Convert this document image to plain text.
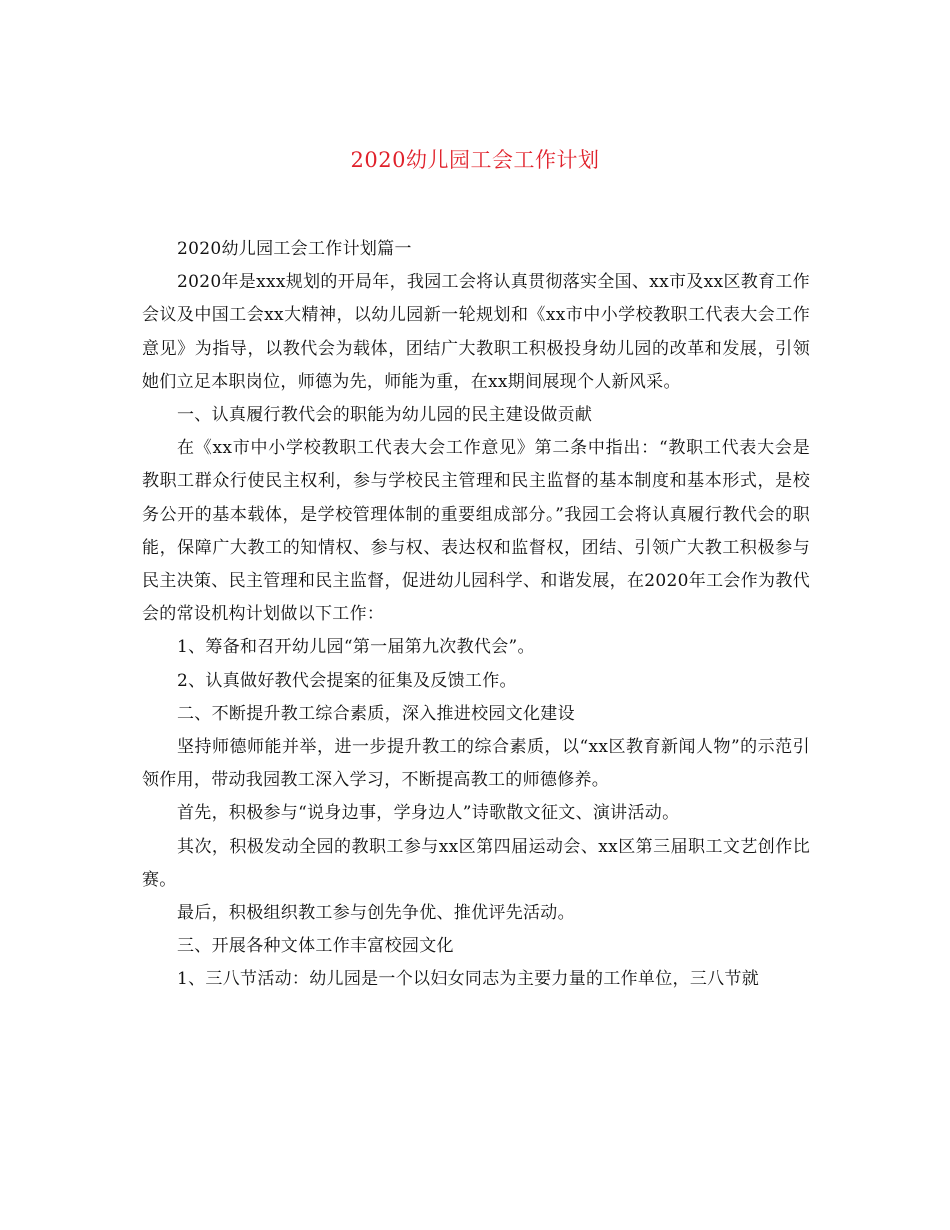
2020幼儿园工会工作计划

2020幼儿园工会工作计划篇一

2020年是xxx规划的开局年，我园工会将认真贯彻落实全国、xx市及xx区教育工作会议及中国工会xx大精神，以幼儿园新一轮规划和《xx市中小学校教职工代表大会工作意见》为指导，以教代会为载体，团结广大教职工积极投身幼儿园的改革和发展，引领她们立足本职岗位，师德为先，师能为重，在xx期间展现个人新风采。

一、认真履行教代会的职能为幼儿园的民主建设做贡献

在《xx市中小学校教职工代表大会工作意见》第二条中指出：“教职工代表大会是教职工群众行使民主权利，参与学校民主管理和民主监督的基本制度和基本形式，是校务公开的基本载体，是学校管理体制的重要组成部分。”我园工会将认真履行教代会的职能，保障广大教工的知情权、参与权、表达权和监督权，团结、引领广大教工积极参与民主决策、民主管理和民主监督，促进幼儿园科学、和谐发展，在2020年工会作为教代会的常设机构计划做以下工作：

1、筹备和召开幼儿园“第一届第九次教代会”。

2、认真做好教代会提案的征集及反馈工作。

二、不断提升教工综合素质，深入推进校园文化建设

坚持师德师能并举，进一步提升教工的综合素质，以“xx区教育新闻人物”的示范引领作用，带动我园教工深入学习，不断提高教工的师德修养。

首先，积极参与“说身边事，学身边人”诗歌散文征文、演讲活动。

其次，积极发动全园的教职工参与xx区第四届运动会、xx区第三届职工文艺创作比赛。

最后，积极组织教工参与创先争优、推优评先活动。

三、开展各种文体工作丰富校园文化

1、三八节活动：幼儿园是一个以妇女同志为主要力量的工作单位，三八节就
